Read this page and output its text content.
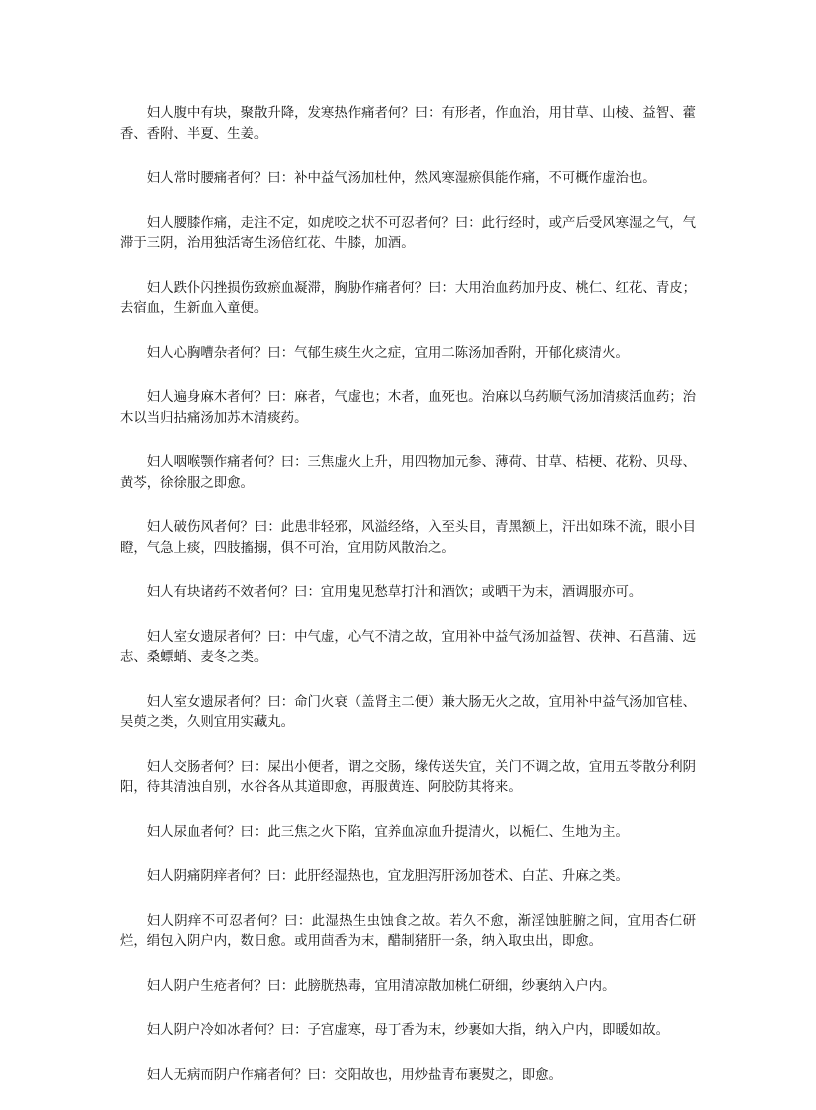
妇人腹中有块，聚散升降，发寒热作痛者何？曰：有形者，作血治，用甘草、山棱、益智、藿香、香附、半夏、生姜。

妇人常时腰痛者何？曰：补中益气汤加杜仲，然风寒湿瘀俱能作痛，不可概作虚治也。

妇人腰膝作痛，走注不定，如虎咬之状不可忍者何？曰：此行经时，或产后受风寒湿之气，气滞于三阴，治用独活寄生汤倍红花、牛膝，加酒。

妇人跌仆闪挫损伤致瘀血凝滞，胸胁作痛者何？曰：大用治血药加丹皮、桃仁、红花、青皮；去宿血，生新血入童便。

妇人心胸嘈杂者何？曰：气郁生痰生火之症，宜用二陈汤加香附，开郁化痰清火。

妇人遍身麻木者何？曰：麻者，气虚也；木者，血死也。治麻以乌药顺气汤加清痰活血药；治木以当归拈痛汤加苏木清痰药。

妇人咽喉颚作痛者何？曰：三焦虚火上升，用四物加元参、薄荷、甘草、桔梗、花粉、贝母、黄芩，徐徐服之即愈。

妇人破伤风者何？曰：此患非轻邪，风溢经络，入至头目，青黑额上，汗出如珠不流，眼小目瞪，气急上痰，四肢搐搦，俱不可治，宜用防风散治之。

妇人有块诸药不效者何？曰：宜用鬼见愁草打汁和酒饮；或晒干为末，酒调服亦可。

妇人室女遗尿者何？曰：中气虚，心气不清之故，宜用补中益气汤加益智、茯神、石菖蒲、远志、桑螵蛸、麦冬之类。

妇人室女遗尿者何？曰：命门火衰（盖肾主二便）兼大肠无火之故，宜用补中益气汤加官桂、吴萸之类，久则宜用实藏丸。

妇人交肠者何？曰：屎出小便者，谓之交肠，缘传送失宜，关门不调之故，宜用五苓散分利阴阳，待其清浊自别，水谷各从其道即愈，再服黄连、阿胶防其将来。

妇人尿血者何？曰：此三焦之火下陷，宜养血凉血升提清火，以栀仁、生地为主。

妇人阴痛阴痒者何？曰：此肝经湿热也，宜龙胆泻肝汤加苍术、白芷、升麻之类。

妇人阴痒不可忍者何？曰：此湿热生虫蚀食之故。若久不愈，渐淫蚀脏腑之间，宜用杏仁研烂，绢包入阴户内，数日愈。或用茴香为末，醋制猪肝一条，纳入取虫出，即愈。

妇人阴户生疮者何？曰：此膀胱热毒，宜用清凉散加桃仁研细，纱裹纳入户内。

妇人阴户冷如冰者何？曰：子宫虚寒，母丁香为末，纱裹如大指，纳入户内，即暖如故。

妇人无病而阴户作痛者何？曰：交阳故也，用炒盐青布裹熨之，即愈。
